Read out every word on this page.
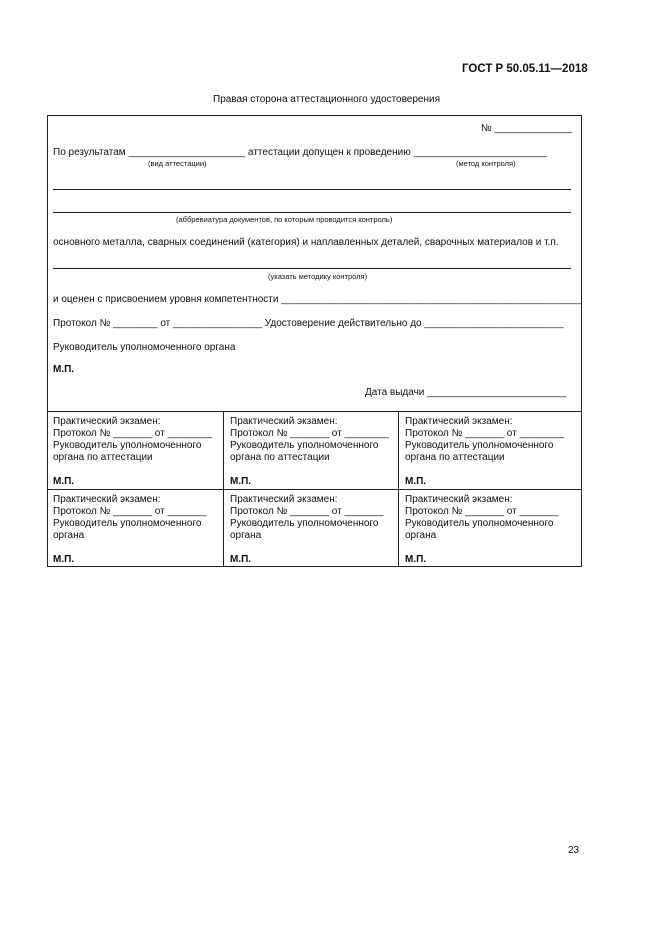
ГОСТ Р 50.05.11—2018
Правая сторона аттестационного удостоверения
№ ______________
По результатам _____________________ аттестации допущен к проведению ________________________
(вид аттестации)	(метод контроля)
(аббревиатура документов, по которым проводится контроль)
основного металла, сварных соединений (категория) и наплавленных деталей, сварочных материалов и т.п.
(указать методику контроля)
и оценен с присвоением уровня компетентности ______________________________________________________
Протокол № ________ от ________________ Удостоверение действительно до _________________________
Руководитель уполномоченного органа
М.П.
Дата выдачи _________________________
Практический экзамен:
Протокол № _______ от ________
Руководитель уполномоченного
органа по аттестации
М.П.
Практический экзамен:
Протокол № _______ от ________
Руководитель уполномоченного
органа по аттестации
М.П.
Практический экзамен:
Протокол № _______ от ________
Руководитель уполномоченного
органа по аттестации
М.П.
Практический экзамен:
Протокол № _______ от _______
Руководитель уполномоченного
органа
М.П.
Практический экзамен:
Протокол № _______ от _______
Руководитель уполномоченного
органа
М.П.
Практический экзамен:
Протокол № _______ от _______
Руководитель уполномоченного
органа
М.П.
23
